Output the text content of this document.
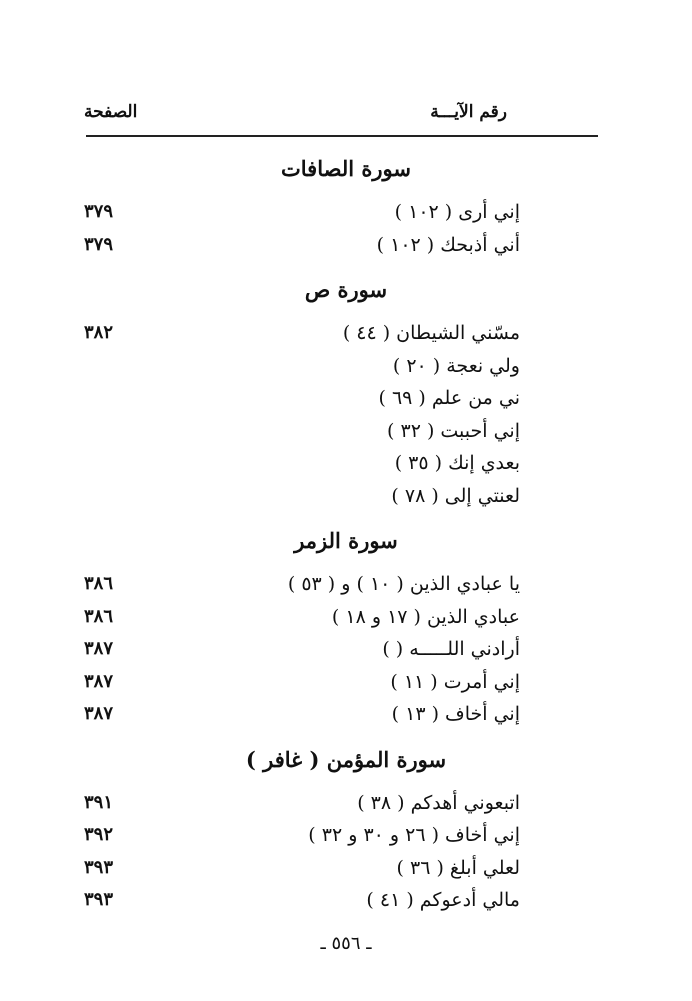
رقم الآيـــة
الصفحة
سورة الصافات
إني أرى ( ١٠٢ )
٣٧٩
أني أذبحك ( ١٠٢ )
٣٧٩
سورة ص
مسّني الشيطان ( ٤٤ )
٣٨٢
ولي نعجة ( ٢٠ )
ني من علم ( ٦٩ )
إني أحببت ( ٣٢ )
بعدي إنك ( ٣٥ )
لعنتي إلى ( ٧٨ )
سورة الزمر
يا عبادي الذين ( ١٠ ) و ( ٥٣ )
٣٨٦
عبادي الذين ( ١٧ و ١٨ )
٣٨٦
أرادني اللـــــه ( )
٣٨٧
إني أمرت ( ١١ )
٣٨٧
إني أخاف ( ١٣ )
٣٨٧
سورة المؤمن ( غافر )
اتبعوني أهدكم ( ٣٨ )
٣٩١
إني أخاف ( ٢٦ و ٣٠ و ٣٢ )
٣٩٢
لعلي أبلغ ( ٣٦ )
٣٩٣
مالي أدعوكم ( ٤١ )
٣٩٣
ـ ٥٥٦ ـ
